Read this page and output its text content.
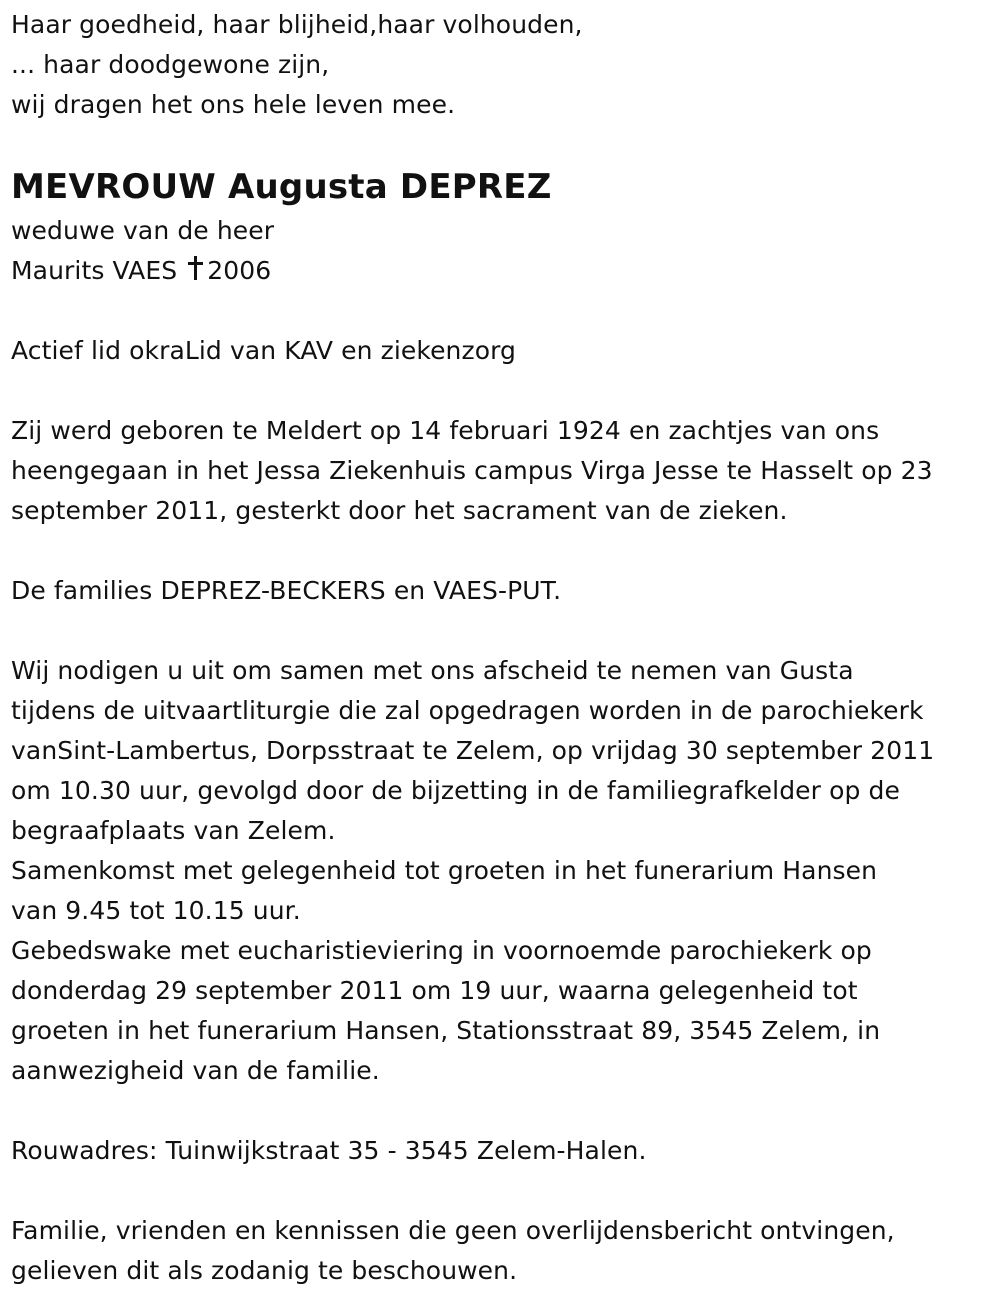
Haar goedheid, haar blijheid,haar volhouden,
... haar doodgewone zijn,
wij dragen het ons hele leven mee.
MEVROUW Augusta DEPREZ
weduwe van de heer
Maurits VAES 2006
Actief lid okraLid van KAV en ziekenzorg
Zij werd geboren te Meldert op 14 februari 1924 en zachtjes van ons
heengegaan in het Jessa Ziekenhuis campus Virga Jesse te Hasselt op 23
september 2011, gesterkt door het sacrament van de zieken.
De families DEPREZ-BECKERS en VAES-PUT.
Wij nodigen u uit om samen met ons afscheid te nemen van Gusta
tijdens de uitvaartliturgie die zal opgedragen worden in de parochiekerk
vanSint-Lambertus, Dorpsstraat te Zelem, op vrijdag 30 september 2011
om 10.30 uur, gevolgd door de bijzetting in de familiegrafkelder op de
begraafplaats van Zelem.
Samenkomst met gelegenheid tot groeten in het funerarium Hansen
van 9.45 tot 10.15 uur.
Gebedswake met eucharistieviering in voornoemde parochiekerk op
donderdag 29 september 2011 om 19 uur, waarna gelegenheid tot
groeten in het funerarium Hansen, Stationsstraat 89, 3545 Zelem, in
aanwezigheid van de familie.
Rouwadres: Tuinwijkstraat 35 - 3545 Zelem-Halen.
Familie, vrienden en kennissen die geen overlijdensbericht ontvingen,
gelieven dit als zodanig te beschouwen.
